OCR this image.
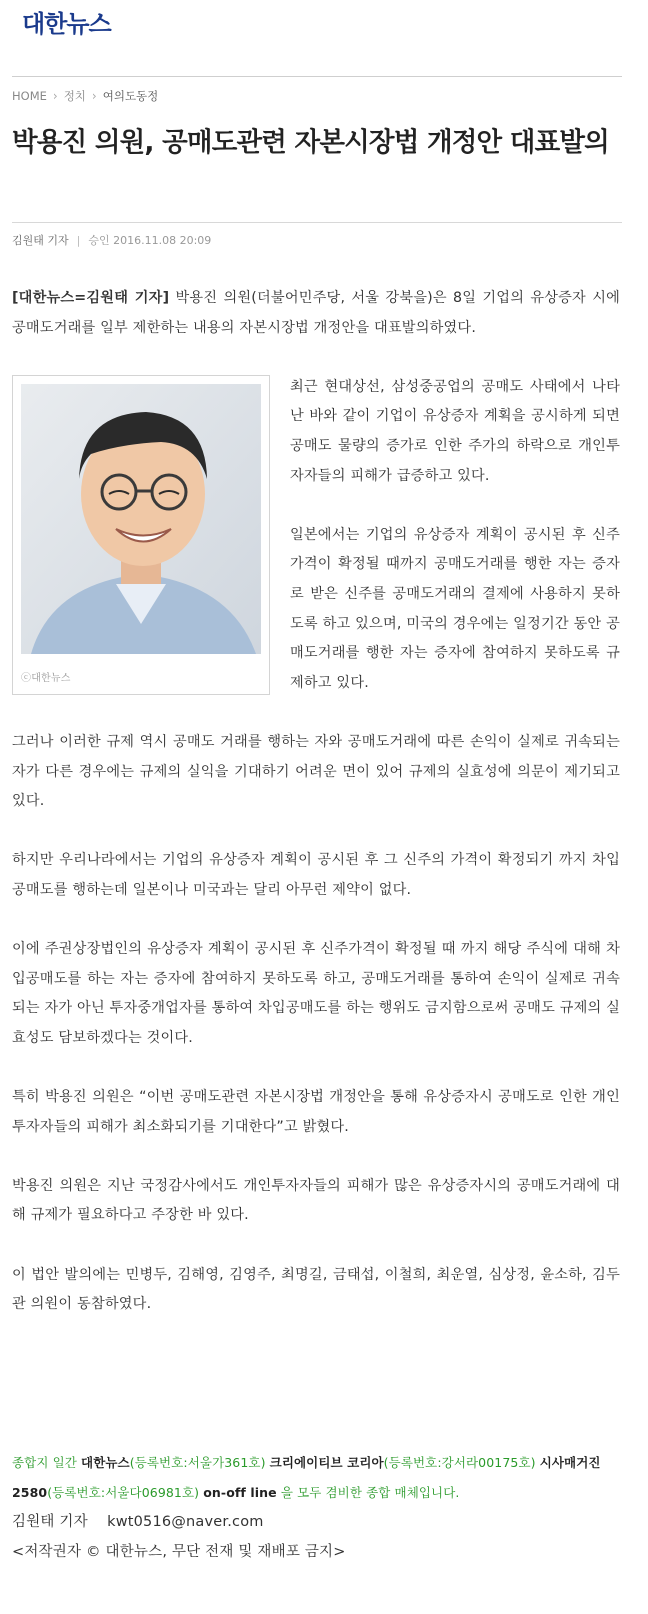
대한뉴스
HOME › 정치 › 여의도동정
박용진 의원, 공매도관련 자본시장법 개정안 대표발의
김원태 기자 | 승인 2016.11.08 20:09

[대한뉴스=김원태 기자] 박용진 의원(더불어민주당, 서울 강북을)은 8일 기업의 유상증자 시에 공매도거래를 일부 제한하는 내용의 자본시장법 개정안을 대표발의하였다.

ⓒ대한뉴스

최근 현대상선, 삼성중공업의 공매도 사태에서 나타난 바와 같이 기업이 유상증자 계획을 공시하게 되면 공매도 물량의 증가로 인한 주가의 하락으로 개인투자자들의 피해가 급증하고 있다.

일본에서는 기업의 유상증자 계획이 공시된 후 신주가격이 확정될 때까지 공매도거래를 행한 자는 증자로 받은 신주를 공매도거래의 결제에 사용하지 못하도록 하고 있으며, 미국의 경우에는 일정기간 동안 공매도거래를 행한 자는 증자에 참여하지 못하도록 규제하고 있다.

그러나 이러한 규제 역시 공매도 거래를 행하는 자와 공매도거래에 따른 손익이 실제로 귀속되는 자가 다른 경우에는 규제의 실익을 기대하기 어려운 면이 있어 규제의 실효성에 의문이 제기되고 있다.

하지만 우리나라에서는 기업의 유상증자 계획이 공시된 후 그 신주의 가격이 확정되기 까지 차입공매도를 행하는데 일본이나 미국과는 달리 아무런 제약이 없다.

이에 주권상장법인의 유상증자 계획이 공시된 후 신주가격이 확정될 때 까지 해당 주식에 대해 차입공매도를 하는 자는 증자에 참여하지 못하도록 하고, 공매도거래를 통하여 손익이 실제로 귀속되는 자가 아닌 투자중개업자를 통하여 차입공매도를 하는 행위도 금지함으로써 공매도 규제의 실효성도 담보하겠다는 것이다.

특히 박용진 의원은 “이번 공매도관련 자본시장법 개정안을 통해 유상증자시 공매도로 인한 개인투자자들의 피해가 최소화되기를 기대한다”고 밝혔다.

박용진 의원은 지난 국정감사에서도 개인투자자들의 피해가 많은 유상증자시의 공매도거래에 대해 규제가 필요하다고 주장한 바 있다.

이 법안 발의에는 민병두, 김해영, 김영주, 최명길, 금태섭, 이철희, 최운열, 심상정, 윤소하, 김두관 의원이 동참하였다.

종합지 일간 대한뉴스(등록번호:서울가361호) 크리에이티브 코리아(등록번호:강서라00175호) 시사매거진 2580(등록번호:서울다06981호) on-off line 을 모두 겸비한 종합 매체입니다.
김원태 기자 kwt0516@naver.com
<저작권자 © 대한뉴스, 무단 전재 및 재배포 금지>
